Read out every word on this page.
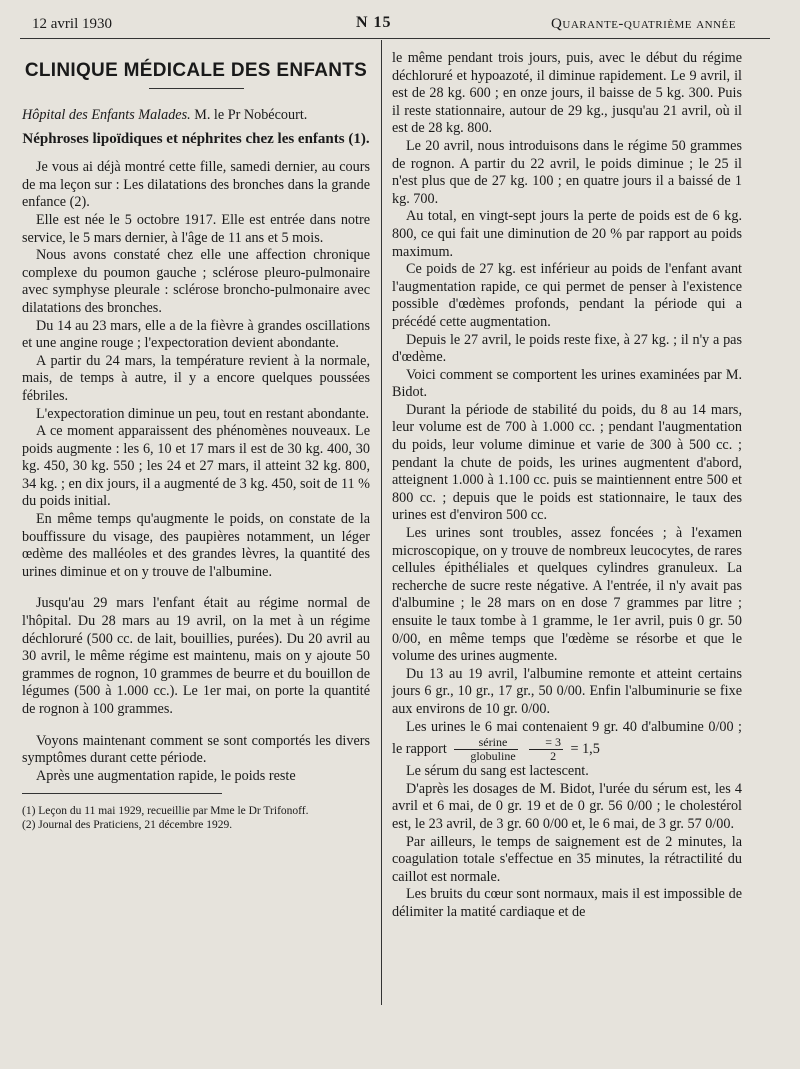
12 avril 1930	N 15	Quarante-quatrième année
CLINIQUE MÉDICALE DES ENFANTS

Hôpital des Enfants Malades. M. le Pr Nobécourt.

Néphroses lipoïdiques et néphrites chez les enfants (1).

Je vous ai déjà montré cette fille, samedi dernier, au cours de ma leçon sur : Les dilatations des bronches dans la grande enfance (2).

Elle est née le 5 octobre 1917. Elle est entrée dans notre service, le 5 mars dernier, à l'âge de 11 ans et 5 mois.

Nous avons constaté chez elle une affection chronique complexe du poumon gauche ; sclérose pleuro-pulmonaire avec symphyse pleurale : sclérose broncho-pulmonaire avec dilatations des bronches.

Du 14 au 23 mars, elle a de la fièvre à grandes oscillations et une angine rouge ; l'expectoration devient abondante.

A partir du 24 mars, la température revient à la normale, mais, de temps à autre, il y a encore quelques poussées fébriles.

L'expectoration diminue un peu, tout en restant abondante.

A ce moment apparaissent des phénomènes nouveaux. Le poids augmente : les 6, 10 et 17 mars il est de 30 kg. 400, 30 kg. 450, 30 kg. 550 ; les 24 et 27 mars, il atteint 32 kg. 800, 34 kg. ; en dix jours, il a augmenté de 3 kg. 450, soit de 11 % du poids initial.

En même temps qu'augmente le poids, on constate de la bouffissure du visage, des paupières notamment, un léger œdème des malléoles et des grandes lèvres, la quantité des urines diminue et on y trouve de l'albumine.

Jusqu'au 29 mars l'enfant était au régime normal de l'hôpital. Du 28 mars au 19 avril, on la met à un régime déchloruré (500 cc. de lait, bouillies, purées). Du 20 avril au 30 avril, le même régime est maintenu, mais on y ajoute 50 grammes de rognon, 10 grammes de beurre et du bouillon de légumes (500 à 1.000 cc.). Le 1er mai, on porte la quantité de rognon à 100 grammes.

Voyons maintenant comment se sont comportés les divers symptômes durant cette période.

Après une augmentation rapide, le poids reste

(1) Leçon du 11 mai 1929, recueillie par Mme le Dr Trifonoff.

(2) Journal des Praticiens, 21 décembre 1929.

le même pendant trois jours, puis, avec le début du régime déchloruré et hypoazoté, il diminue rapidement. Le 9 avril, il est de 28 kg. 600 ; en onze jours, il baisse de 5 kg. 300. Puis il reste stationnaire, autour de 29 kg., jusqu'au 21 avril, où il est de 28 kg. 800.

Le 20 avril, nous introduisons dans le régime 50 grammes de rognon. A partir du 22 avril, le poids diminue ; le 25 il n'est plus que de 27 kg. 100 ; en quatre jours il a baissé de 1 kg. 700.

Au total, en vingt-sept jours la perte de poids est de 6 kg. 800, ce qui fait une diminution de 20 % par rapport au poids maximum.

Ce poids de 27 kg. est inférieur au poids de l'enfant avant l'augmentation rapide, ce qui permet de penser à l'existence possible d'œdèmes profonds, pendant la période qui a précédé cette augmentation.

Depuis le 27 avril, le poids reste fixe, à 27 kg. ; il n'y a pas d'œdème.

Voici comment se comportent les urines examinées par M. Bidot.

Durant la période de stabilité du poids, du 8 au 14 mars, leur volume est de 700 à 1.000 cc. ; pendant l'augmentation du poids, leur volume diminue et varie de 300 à 500 cc. ; pendant la chute de poids, les urines augmentent d'abord, atteignent 1.000 à 1.100 cc. puis se maintiennent entre 500 et 800 cc. ; depuis que le poids est stationnaire, le taux des urines est d'environ 500 cc.

Les urines sont troubles, assez foncées ; à l'examen microscopique, on y trouve de nombreux leucocytes, de rares cellules épithéliales et quelques cylindres granuleux. La recherche de sucre reste négative. A l'entrée, il n'y avait pas d'albumine ; le 28 mars on en dose 7 grammes par litre ; ensuite le taux tombe à 1 gramme, le 1er avril, puis 0 gr. 50 0/00, en même temps que l'œdème se résorbe et que le volume des urines augmente.

Du 13 au 19 avril, l'albumine remonte et atteint certains jours 6 gr., 10 gr., 17 gr., 50 0/00. Enfin l'albuminurie se fixe aux environs de 10 gr. 0/00.

Les urines le 6 mai contenaient 9 gr. 40 d'albumine 0/00 ; le rapport $\frac{\text{sérine}}{\text{globuline}}$
$\frac{= 3}{2} = 1,5$

Le sérum du sang est lactescent.

D'après les dosages de M. Bidot, l'urée du sérum est, les 4 avril et 6 mai, de 0 gr. 19 et de 0 gr. 56 0/00 ; le cholestérol est, le 23 avril, de 3 gr. 60 0/00 et, le 6 mai, de 3 gr. 57 0/00.

Par ailleurs, le temps de saignement est de 2 minutes, la coagulation totale s'effectue en 35 minutes, la rétractilité du caillot est normale.

Les bruits du cœur sont normaux, mais il est impossible de délimiter la matité cardiaque et de
